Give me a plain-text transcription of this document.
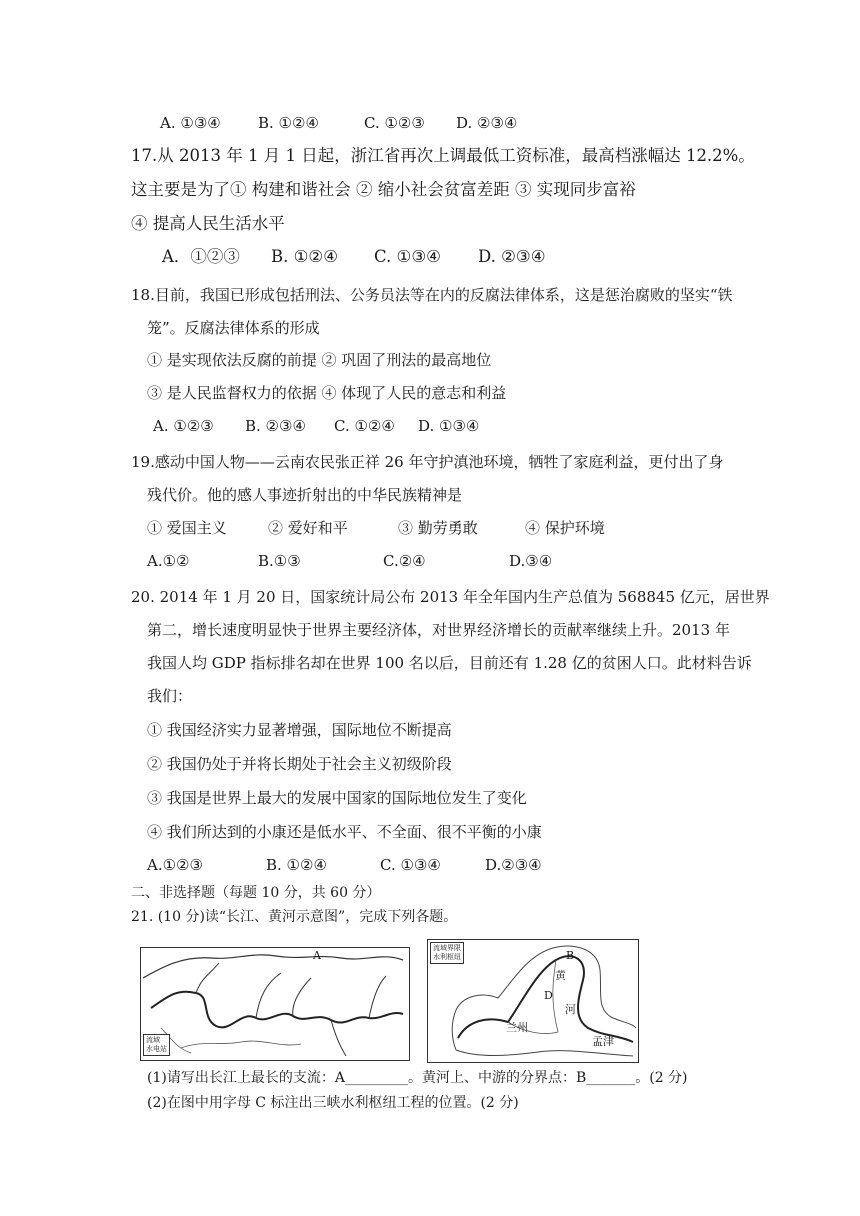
A. ①③④ B. ①②④	C. ①②③ D. ②③④
17.从 2013 年 1 月 1 日起，浙江省再次上调最低工资标准，最高档涨幅达 12.2%。
这主要是为了① 构建和谐社会 ② 缩小社会贫富差距 ③ 实现同步富裕
④ 提高人民生活水平
A．①②③ B. ①②④ C. ①③④ D. ②③④
18.目前，我国已形成包括刑法、公务员法等在内的反腐法律体系，这是惩治腐败的坚实“铁
笼”。反腐法律体系的形成
① 是实现依法反腐的前提 ② 巩固了刑法的最高地位
③ 是人民监督权力的依据 ④ 体现了人民的意志和利益
A. ①②③ B. ②③④ C. ①②④ D. ①③④
19.感动中国人物——云南农民张正祥 26 年守护滇池环境，牺牲了家庭利益，更付出了身
残代价。他的感人事迹折射出的中华民族精神是
① 爱国主义	② 爱好和平	③ 勤劳勇敢	④ 保护环境
A.①②	B.①③	C.②④	D.③④
20. 2014 年 1 月 20 日，国家统计局公布 2013 年全年国内生产总值为 568845 亿元，居世界
第二，增长速度明显快于世界主要经济体，对世界经济增长的贡献率继续上升。2013 年
我国人均 GDP 指标排名却在世界 100 名以后，目前还有 1.28 亿的贫困人口。此材料告诉
我们：
① 我国经济实力显著增强，国际地位不断提高
② 我国仍处于并将长期处于社会主义初级阶段
③ 我国是世界上最大的发展中国家的国际地位发生了变化
④ 我们所达到的小康还是低水平、不全面、很不平衡的小康
A.①②③	B. ①②④	C. ①③④	D.②③④
二、非选择题（每题 10 分，共 60 分）
21. (10 分)读“长江、黄河示意图”，完成下列各题。
A
流域
水电站
流域界限
水利枢纽	B
D
黄
河
兰州
孟津
(1)请写出长江上最长的支流：A_________。黄河上、中游的分界点：B_______。(2 分)
(2)在图中用字母 C 标注出三峡水利枢纽工程的位置。(2 分)
